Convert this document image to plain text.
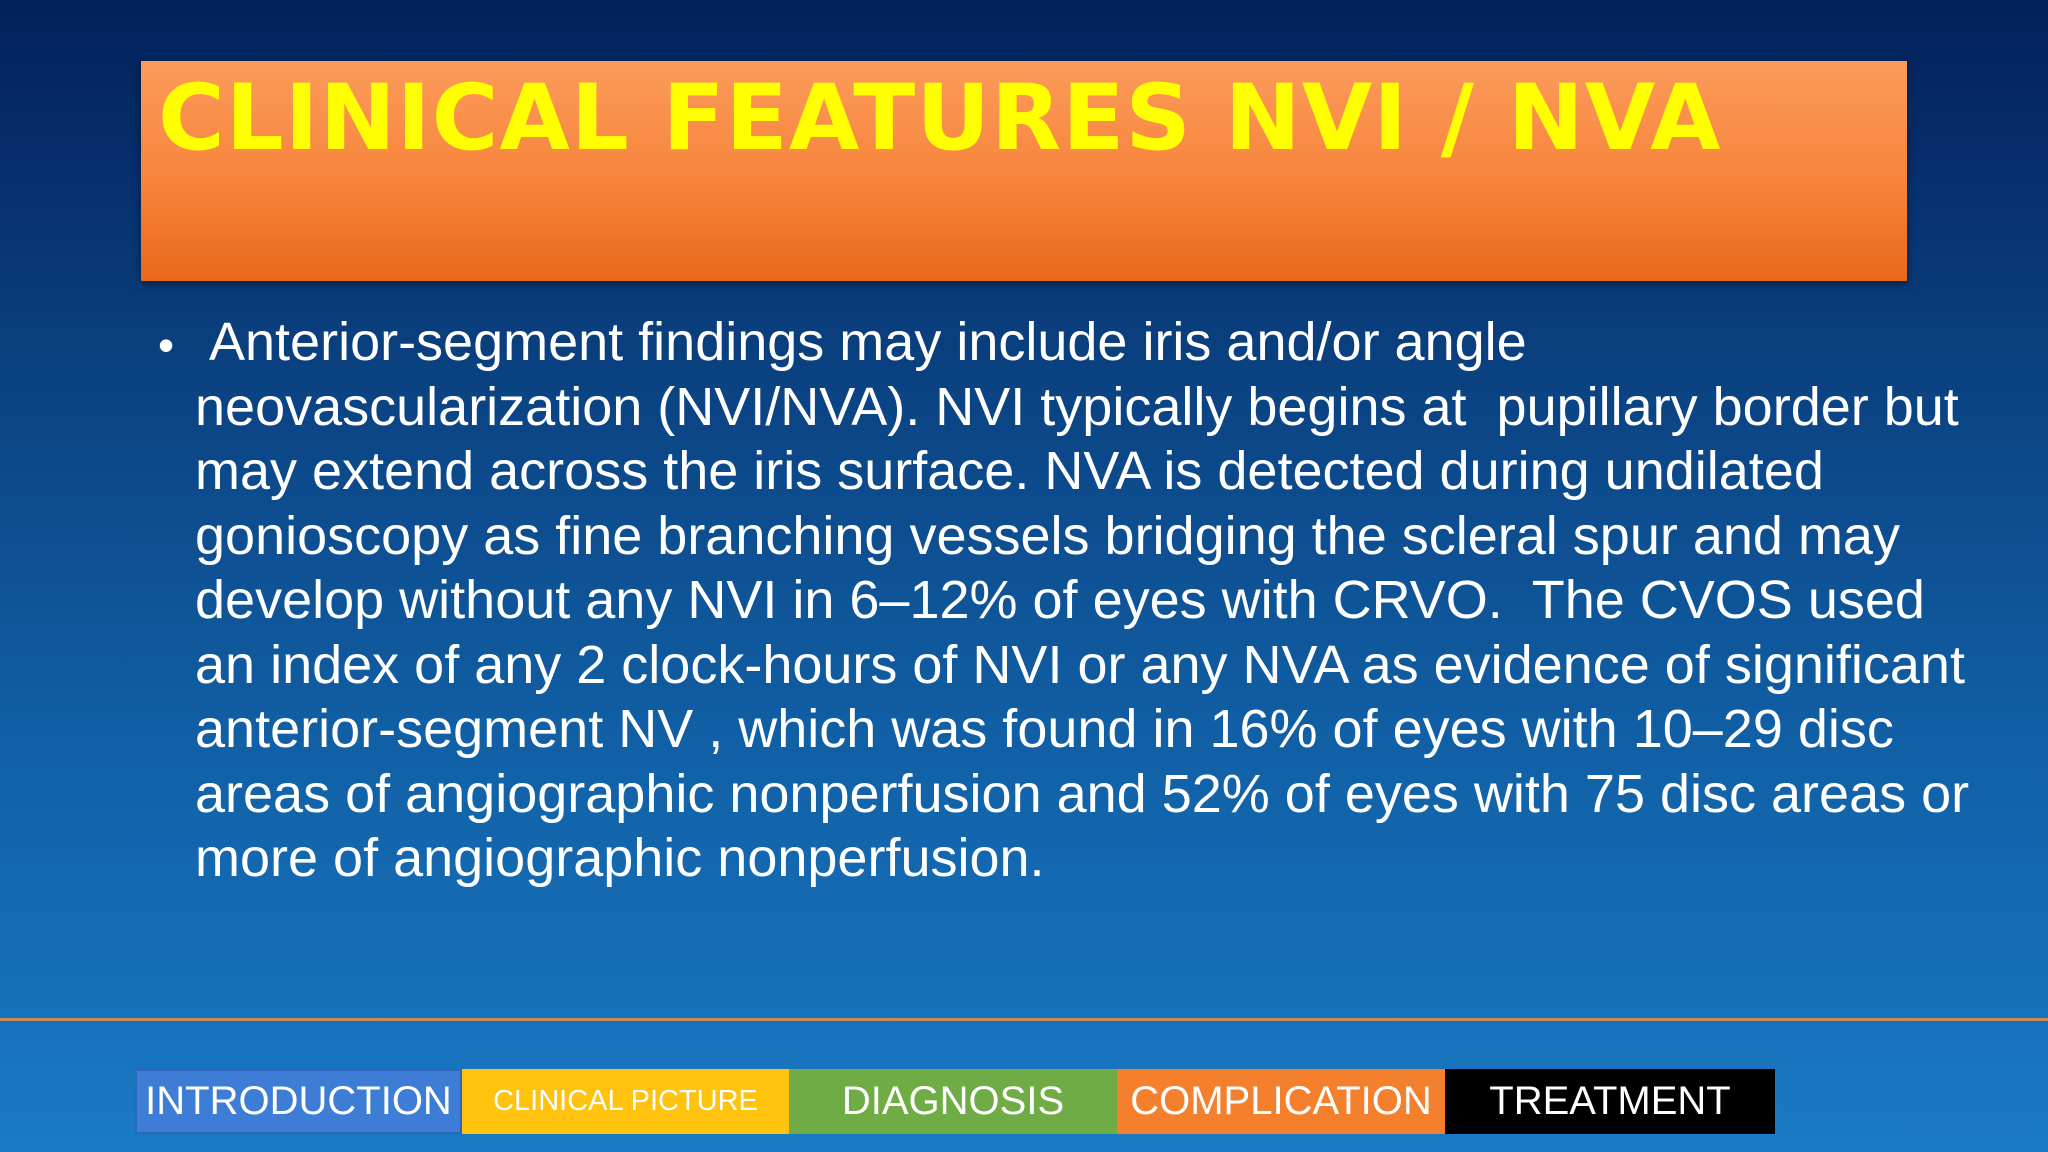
CLINICAL FEATURES NVI / NVA
• Anterior-segment findings may include iris and/or angle neovascularization (NVI/NVA). NVI typically begins at  pupillary border but may extend across the iris surface. NVA is detected during undilated gonioscopy as fine branching vessels bridging the scleral spur and may develop without any NVI in 6–12% of eyes with CRVO.  The CVOS used an index of any 2 clock-hours of NVI or any NVA as evidence of significant  anterior-segment NV , which was found in 16% of eyes with 10–29 disc areas of angiographic nonperfusion and 52% of eyes with 75 disc areas or more of angiographic nonperfusion.
INTRODUCTION	CLINICAL PICTURE	DIAGNOSIS	COMPLICATION	TREATMENT
